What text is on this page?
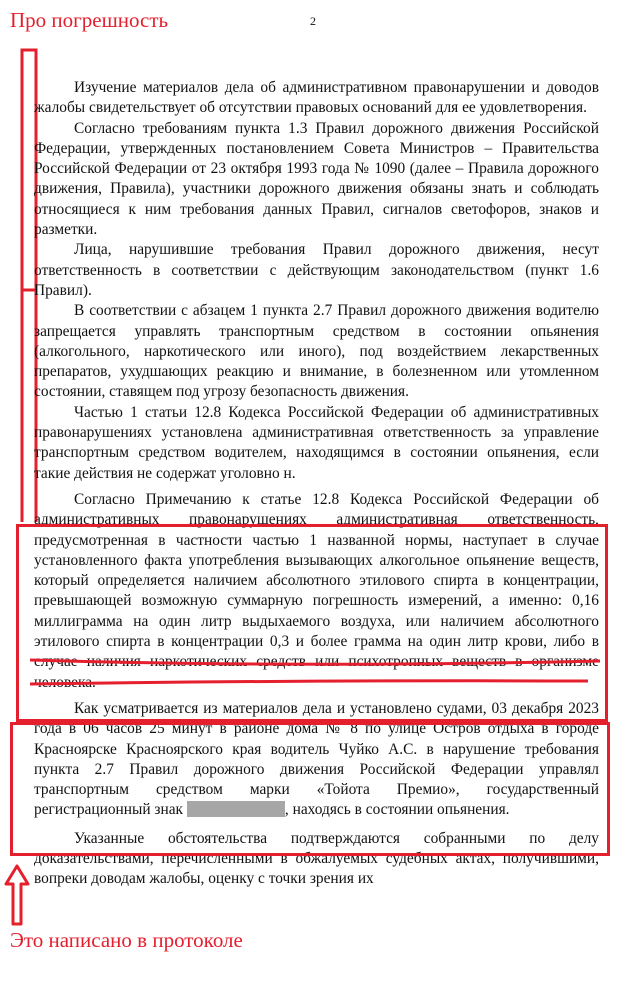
2
Про погрешность
Это написано в протоколе

Изучение материалов дела об административном правонарушении и доводов жалобы свидетельствует об отсутствии правовых оснований для ее удовлетворения.

Согласно требованиям пункта 1.3 Правил дорожного движения Российской Федерации, утвержденных постановлением Совета Министров – Правительства Российской Федерации от 23 октября 1993 года № 1090 (далее – Правила дорожного движения, Правила), участники дорожного движения обязаны знать и соблюдать относящиеся к ним требования данных Правил, сигналов светофоров, знаков и разметки.

Лица, нарушившие требования Правил дорожного движения, несут ответственность в соответствии с действующим законодательством (пункт 1.6 Правил).

В соответствии с абзацем 1 пункта 2.7 Правил дорожного движения водителю запрещается управлять транспортным средством в состоянии опьянения (алкогольного, наркотического или иного), под воздействием лекарственных препаратов, ухудшающих реакцию и внимание, в болезненном или утомленном состоянии, ставящем под угрозу безопасность движения.

Частью 1 статьи 12.8 Кодекса Российской Федерации об административных правонарушениях установлена административная ответственность за управление транспортным средством водителем, находящимся в состоянии опьянения, если такие действия не содержат уголовно н.

Согласно Примечанию к статье 12.8 Кодекса Российской Федерации об административных правонарушениях административная ответственность, предусмотренная в частности частью 1 названной нормы, наступает в случае установленного факта употребления вызывающих алкогольное опьянение веществ, который определяется наличием абсолютного этилового спирта в концентрации, превышающей возможную суммарную погрешность измерений, а именно: 0,16 миллиграмма на один литр выдыхаемого воздуха, или наличием абсолютного этилового спирта в концентрации 0,3 и более грамма на один литр крови, либо в случае наличия наркотических средств или психотропных веществ в организме человека.

Как усматривается из материалов дела и установлено судами, 03 декабря 2023 года в 06 часов 25 минут в районе дома № 8 по улице Остров отдыха в городе Красноярске Красноярского края водитель Чуйко А.С. в нарушение требования пункта 2.7 Правил дорожного движения Российской Федерации управлял транспортным средством марки «Тойота Премио», государственный регистрационный знак	, находясь в состоянии опьянения.

Указанные обстоятельства подтверждаются собранными по делу доказательствами, перечисленными в обжалуемых судебных актах, получившими, вопреки доводам жалобы, оценку с точки зрения их
